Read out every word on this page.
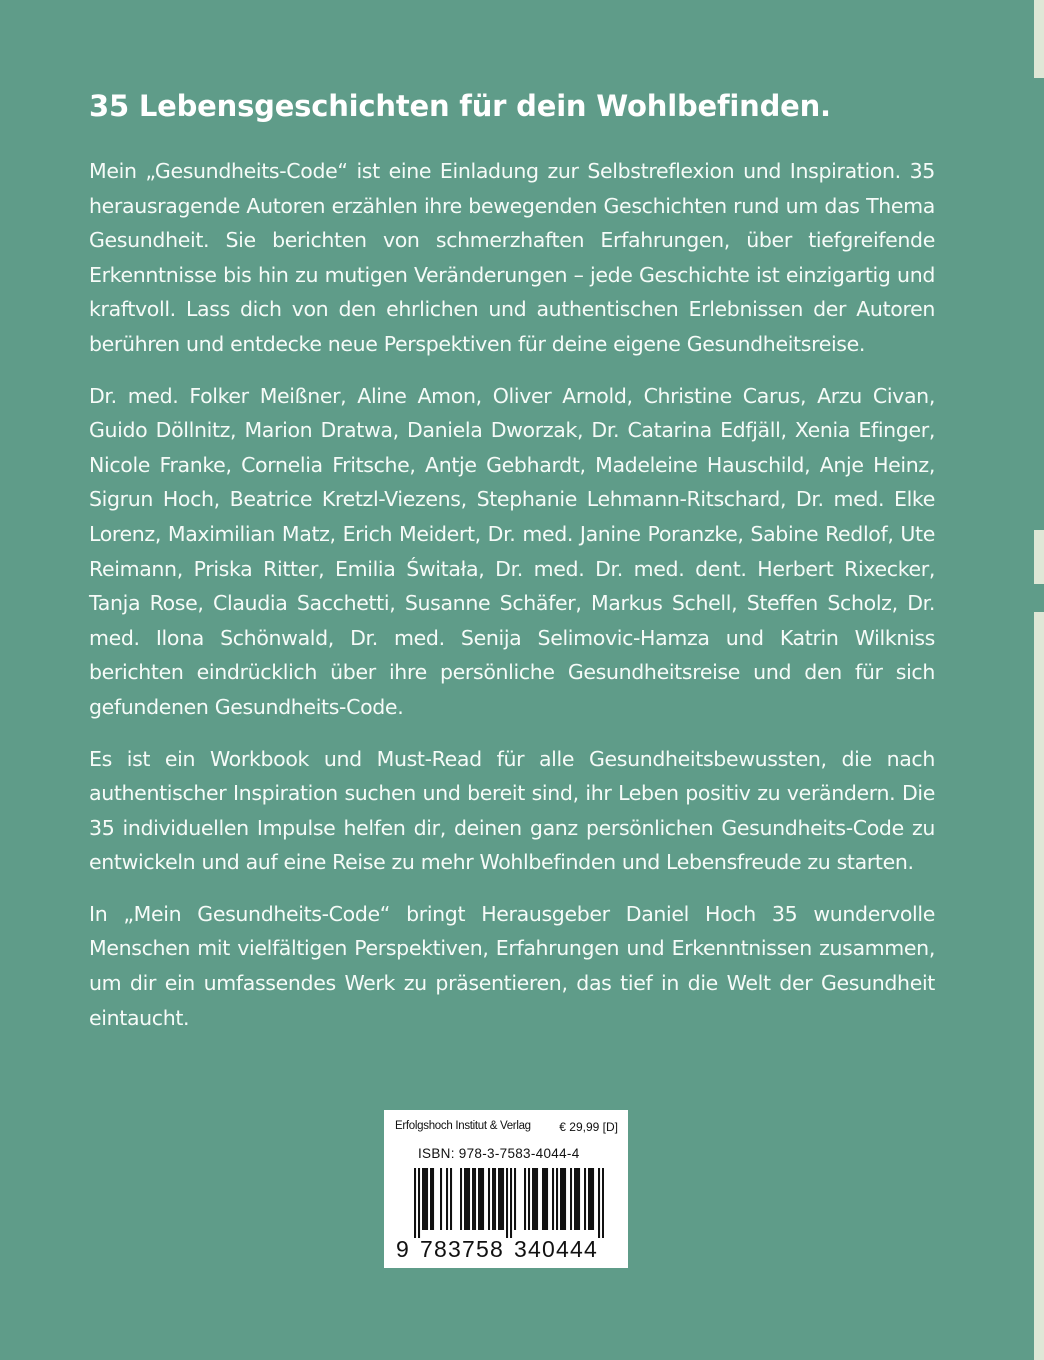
35 Lebensgeschichten für dein Wohlbefinden.

Mein „Gesundheits-Code“ ist eine Einladung zur Selbstreflexion und Inspiration. 35 herausragende Autoren erzählen ihre bewegenden Geschichten rund um das Thema Gesundheit. Sie berichten von schmerzhaften Erfahrungen, über tiefgreifende Erkenntnisse bis hin zu mutigen Veränderungen – jede Geschichte ist einzigartig und kraftvoll. Lass dich von den ehrlichen und authentischen Erlebnissen der Autoren berühren und entdecke neue Perspektiven für deine eigene Gesundheitsreise.

Dr. med. Folker Meißner, Aline Amon, Oliver Arnold, Christine Carus, Arzu Civan, Guido Döllnitz, Marion Dratwa, Daniela Dworzak, Dr. Catarina Edfjäll, Xenia Efinger, Nicole Franke, Cornelia Fritsche, Antje Gebhardt, Madeleine Hauschild, Anje Heinz, Sigrun Hoch, Beatrice Kretzl-Viezens, Stephanie Lehmann-Ritschard, Dr. med. Elke Lorenz, Maximilian Matz, Erich Meidert, Dr. med. Janine Poranzke, Sabine Redlof, Ute Reimann, Priska Ritter, Emilia Świtała, Dr. med. Dr. med. dent. Herbert Rixecker, Tanja Rose, Claudia Sacchetti, Susanne Schäfer, Markus Schell, Steffen Scholz, Dr. med. Ilona Schönwald, Dr. med. Senija Selimovic-Hamza und Katrin Wilkniss berichten eindrücklich über ihre persönliche Gesundheitsreise und den für sich gefundenen Gesundheits-Code.

Es ist ein Workbook und Must-Read für alle Gesundheitsbewussten, die nach authentischer Inspiration suchen und bereit sind, ihr Leben positiv zu verändern. Die 35 individuellen Impulse helfen dir, deinen ganz persönlichen Gesundheits-Code zu entwickeln und auf eine Reise zu mehr Wohlbefinden und Lebensfreude zu starten.

In „Mein Gesundheits-Code“ bringt Herausgeber Daniel Hoch 35 wundervolle Menschen mit vielfältigen Perspektiven, Erfahrungen und Erkenntnissen zusammen, um dir ein umfassendes Werk zu präsentieren, das tief in die Welt der Gesundheit eintaucht.

Erfolgshoch Institut & Verlag € 29,99 [D]
ISBN: 978-3-7583-4044-4
9 783758 340444
